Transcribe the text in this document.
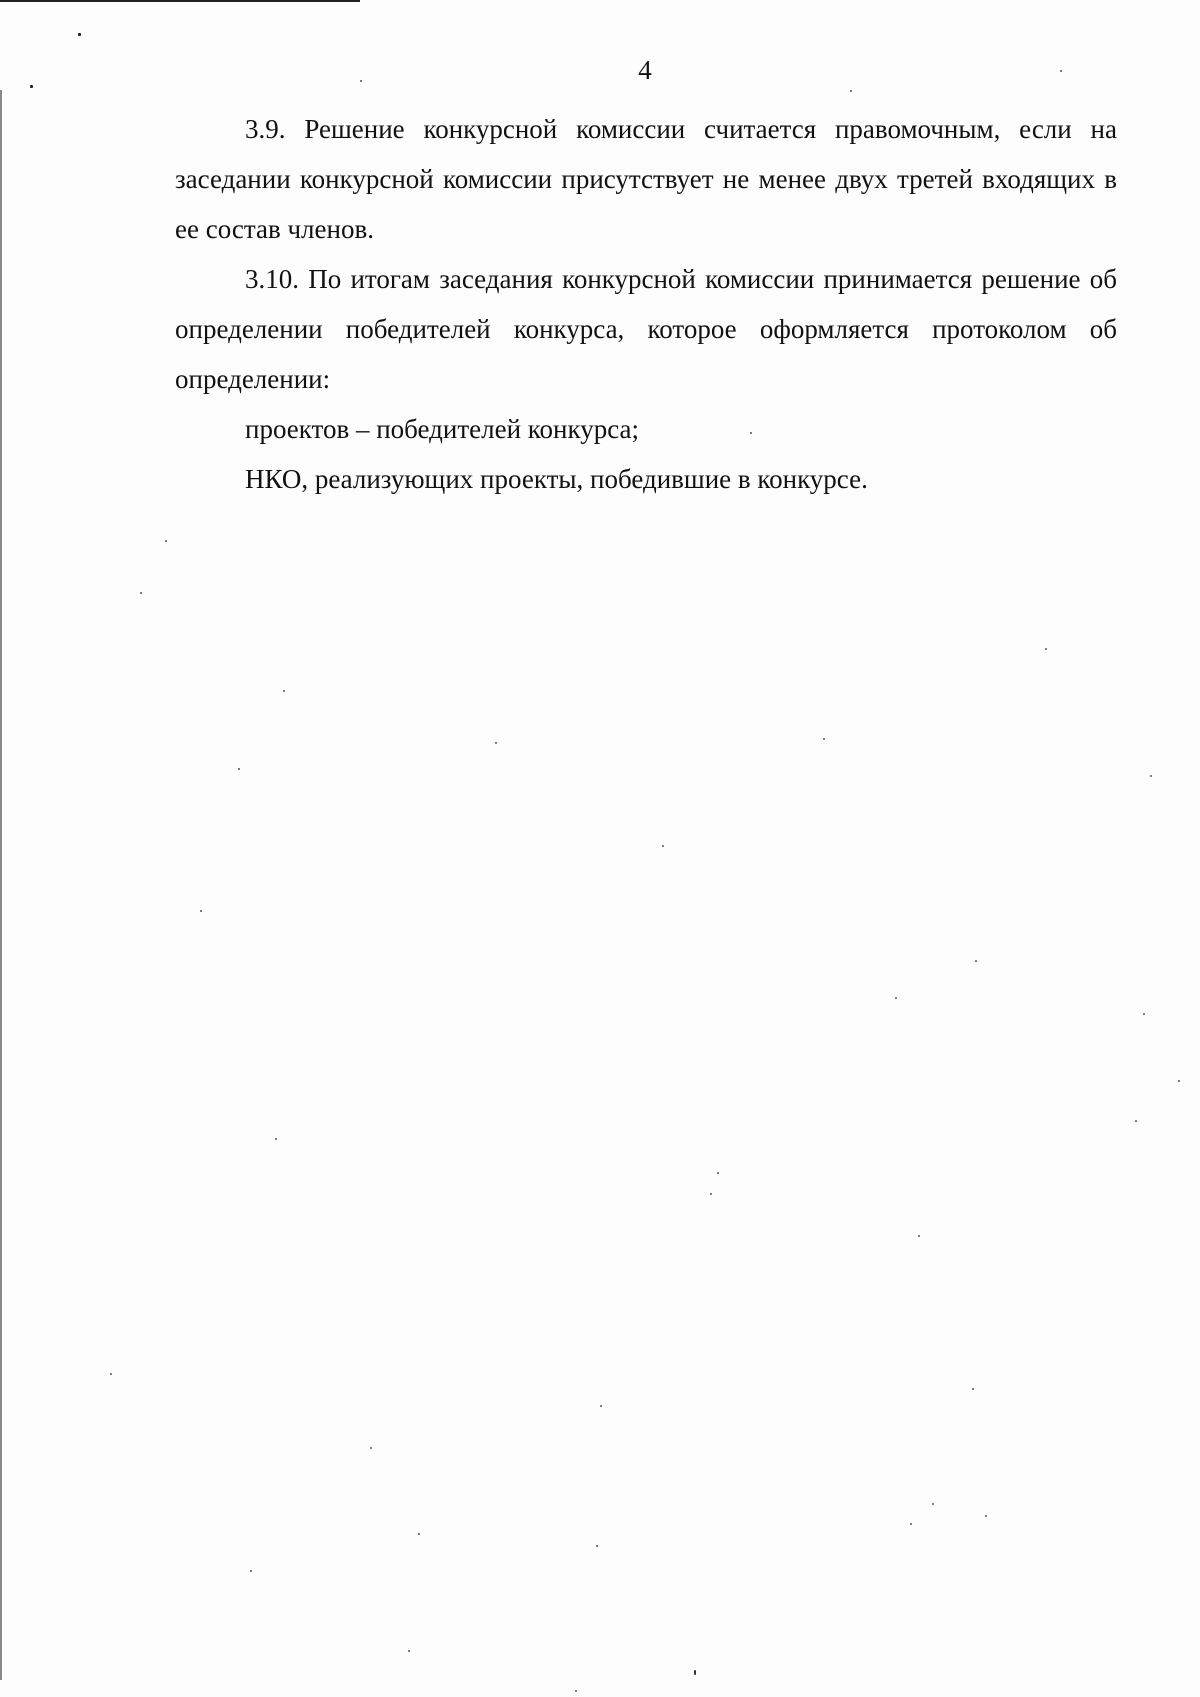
4

3.9. Решение конкурсной комиссии считается правомочным, если на заседании конкурсной комиссии присутствует не менее двух третей входящих в ее состав членов.

3.10. По итогам заседания конкурсной комиссии принимается решение об определении победителей конкурса, которое оформляется протоколом об определении:

проектов – победителей конкурса;

НКО, реализующих проекты, победившие в конкурсе.
